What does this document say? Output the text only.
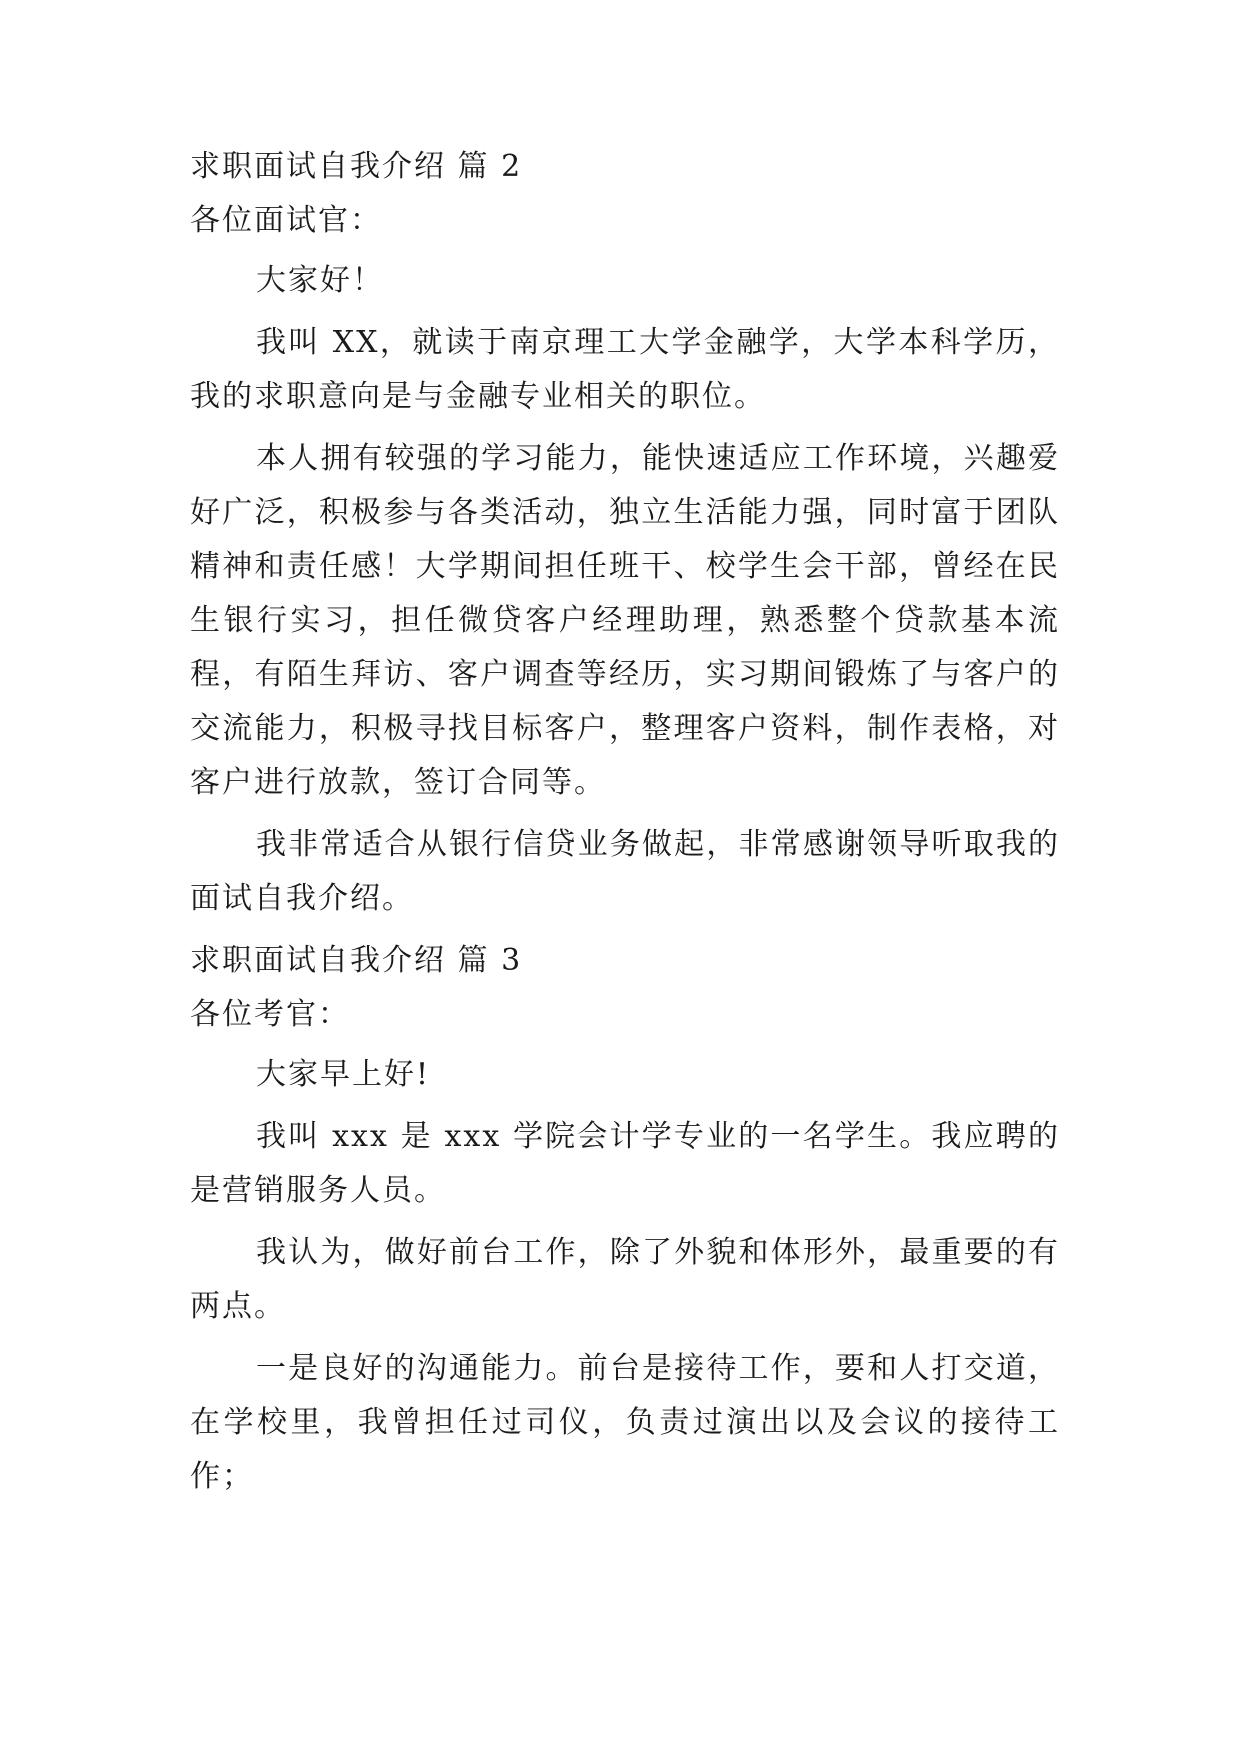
求职面试自我介绍 篇 2
各位面试官：

大家好！

我叫 XX，就读于南京理工大学金融学，大学本科学历，我的求职意向是与金融专业相关的职位。

本人拥有较强的学习能力，能快速适应工作环境，兴趣爱好广泛，积极参与各类活动，独立生活能力强，同时富于团队精神和责任感！大学期间担任班干、校学生会干部，曾经在民生银行实习，担任微贷客户经理助理，熟悉整个贷款基本流程，有陌生拜访、客户调查等经历，实习期间锻炼了与客户的交流能力，积极寻找目标客户，整理客户资料，制作表格，对客户进行放款，签订合同等。

我非常适合从银行信贷业务做起，非常感谢领导听取我的面试自我介绍。

求职面试自我介绍 篇 3
各位考官：

大家早上好!

我叫 xxx 是 xxx 学院会计学专业的一名学生。我应聘的是营销服务人员。

我认为，做好前台工作，除了外貌和体形外，最重要的有两点。

一是良好的沟通能力。前台是接待工作，要和人打交道，在学校里，我曾担任过司仪，负责过演出以及会议的接待工作；
